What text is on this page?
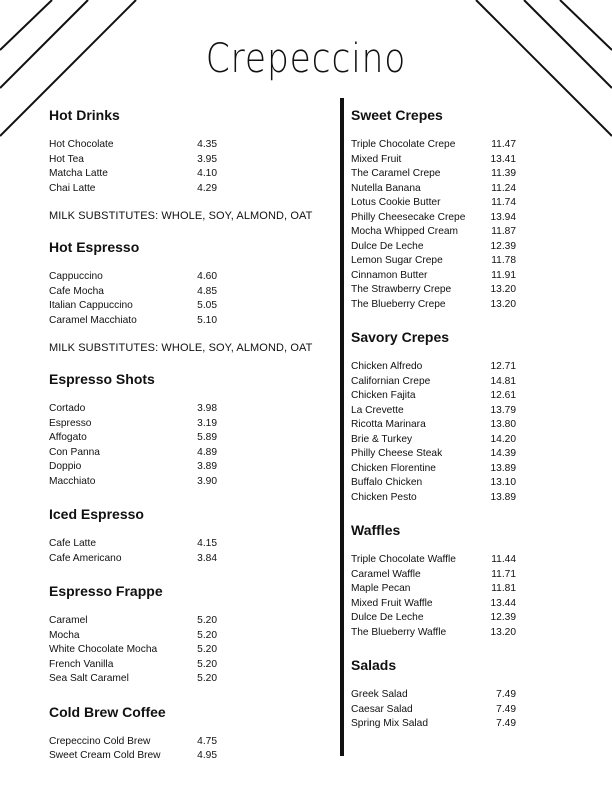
Crepeccino
Hot Drinks
Hot Chocolate	4.35
Hot Tea	3.95
Matcha Latte	4.10
Chai Latte	4.29
MILK SUBSTITUTES: WHOLE, SOY, ALMOND, OAT
Hot Espresso
Cappuccino	4.60
Cafe Mocha	4.85
Italian Cappuccino	5.05
Caramel Macchiato	5.10
MILK SUBSTITUTES: WHOLE, SOY, ALMOND, OAT
Espresso Shots
Cortado	3.98
Espresso	3.19
Affogato	5.89
Con Panna	4.89
Doppio	3.89
Macchiato	3.90
Iced Espresso
Cafe Latte	4.15
Cafe Americano	3.84
Espresso Frappe
Caramel	5.20
Mocha	5.20
White Chocolate Mocha	5.20
French Vanilla	5.20
Sea Salt Caramel	5.20
Cold Brew Coffee
Crepeccino Cold Brew	4.75
Sweet Cream Cold Brew	4.95
Sweet Crepes
Triple Chocolate Crepe	11.47
Mixed Fruit	13.41
The Caramel Crepe	11.39
Nutella Banana	11.24
Lotus Cookie Butter	11.74
Philly Cheesecake Crepe	13.94
Mocha Whipped Cream	11.87
Dulce De Leche	12.39
Lemon Sugar Crepe	11.78
Cinnamon Butter	11.91
The Strawberry Crepe	13.20
The Blueberry Crepe	13.20
Savory Crepes
Chicken Alfredo	12.71
Californian Crepe	14.81
Chicken Fajita	12.61
La Crevette	13.79
Ricotta Marinara	13.80
Brie & Turkey	14.20
Philly Cheese Steak	14.39
Chicken Florentine	13.89
Buffalo Chicken	13.10
Chicken Pesto	13.89
Waffles
Triple Chocolate Waffle	11.44
Caramel Waffle	11.71
Maple Pecan	11.81
Mixed Fruit Waffle	13.44
Dulce De Leche	12.39
The Blueberry Waffle	13.20
Salads
Greek Salad	7.49
Caesar Salad	7.49
Spring Mix Salad	7.49
